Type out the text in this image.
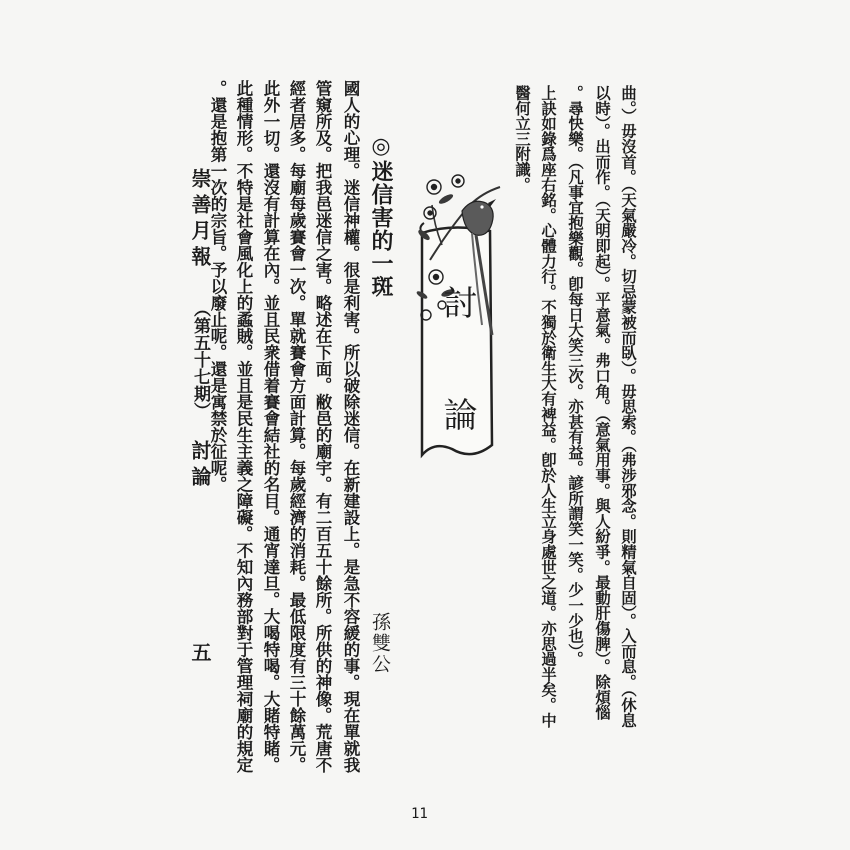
曲。）毋沒首。（天氣嚴冷。切忌蒙被而臥）。毋思索。（弗涉邪念。則精氣自固）。入而息。（休息
以時）。出而作。（天明即起）。平意氣。弗口角。（意氣用事。與人紛爭。最動肝傷脾）。除煩惱
。尋快樂。（凡事宜抱樂觀。卽每日大笑三次。亦甚有益。諺所謂笑一笑。少一少也）。
上訣如錄爲座右銘。心體力行。不獨於衛生大有裨益。卽於人生立身處世之道。亦思過半矣。中
醫何立三附識。
討論
◎迷信害的一斑
孫雙公
國人的心理。迷信神權。很是利害。所以破除迷信。在新建設上。是急不容緩的事。現在單就我
管窺所及。把我邑迷信之害。略述在下面。敝邑的廟宇。有二百五十餘所。所供的神像。荒唐不
經者居多。每廟每歲賽會一次。單就賽會方面計算。每歲經濟的消耗。最低限度有三十餘萬元。
此外一切。還沒有計算在內。並且民衆借着賽會結社的名目。通宵達旦。大喝特喝。大賭特賭。
此種情形。不特是社會風化上的蟊賊。並且是民生主義之障礙。不知內務部對于管理祠廟的規定
。還是抱第一次的宗旨。予以廢止呢。還是寓禁於征呢。
崇善月報
（第五十七期）
討論
五
11
